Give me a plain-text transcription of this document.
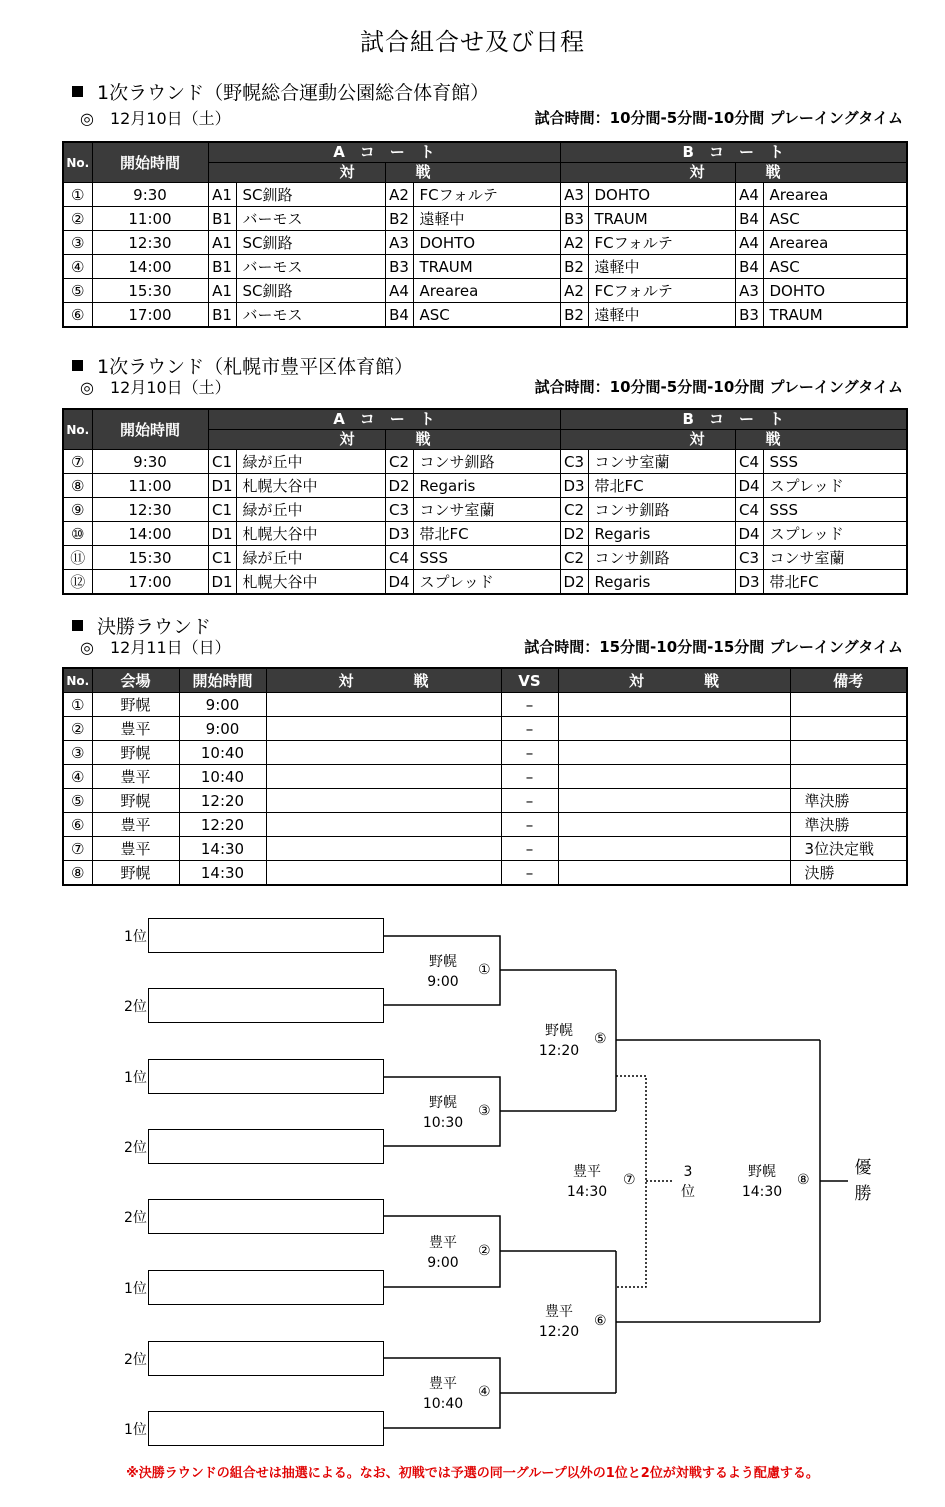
試合組合せ及び日程
1次ラウンド（野幌総合運動公園総合体育館）
◎　12月10日（土）	試合時間：10分間-5分間-10分間 プレーイングタイム
No.	開始時間	A　コ　ー　ト				B　コ　ー　ト			
		対		戦		対		戦	
①	9:30	A1	SC釧路	A2	FCフォルテ	A3	DOHTO	A4	Arearea
②	11:00	B1	バーモス	B2	遠軽中	B3	TRAUM	B4	ASC
③	12:30	A1	SC釧路	A3	DOHTO	A2	FCフォルテ	A4	Arearea
④	14:00	B1	バーモス	B3	TRAUM	B2	遠軽中	B4	ASC
⑤	15:30	A1	SC釧路	A4	Arearea	A2	FCフォルテ	A3	DOHTO
⑥	17:00	B1	バーモス	B4	ASC	B2	遠軽中	B3	TRAUM
1次ラウンド（札幌市豊平区体育館）
◎　12月10日（土）	試合時間：10分間-5分間-10分間 プレーイングタイム
No.	開始時間	A　コ　ー　ト				B　コ　ー　ト			
		対		戦		対		戦	
⑦	9:30	C1	緑が丘中	C2	コンサ釧路	C3	コンサ室蘭	C4	SSS
⑧	11:00	D1	札幌大谷中	D2	Regaris	D3	帯北FC	D4	スプレッド
⑨	12:30	C1	緑が丘中	C3	コンサ室蘭	C2	コンサ釧路	C4	SSS
⑩	14:00	D1	札幌大谷中	D3	帯北FC	D2	Regaris	D4	スプレッド
⑪	15:30	C1	緑が丘中	C4	SSS	C2	コンサ釧路	C3	コンサ室蘭
⑫	17:00	D1	札幌大谷中	D4	スプレッド	D2	Regaris	D3	帯北FC
決勝ラウンド
◎　12月11日（日）	試合時間：15分間-10分間-15分間 プレーイングタイム
No.	会場	開始時間	対　　　　戦	VS	対　　　　戦	備考
①	野幌	9:00		–		
②	豊平	9:00		–		
③	野幌	10:40		–		
④	豊平	10:40		–		
⑤	野幌	12:20		–		準決勝
⑥	豊平	12:20		–		準決勝
⑦	豊平	14:30		–		3位決定戦
⑧	野幌	14:30		–		決勝
1位
2位
1位
2位
2位
1位
2位
1位
野幌
9:00
①
野幌
10:30
③
豊平
9:00
②
豊平
10:40
④
野幌
12:20
⑤
豊平
12:20
⑥
豊平
14:30
⑦	3
位
野幌
14:30
⑧
優
勝
※決勝ラウンドの組合せは抽選による。なお、初戦では予選の同一グループ以外の1位と2位が対戦するよう配慮する。
